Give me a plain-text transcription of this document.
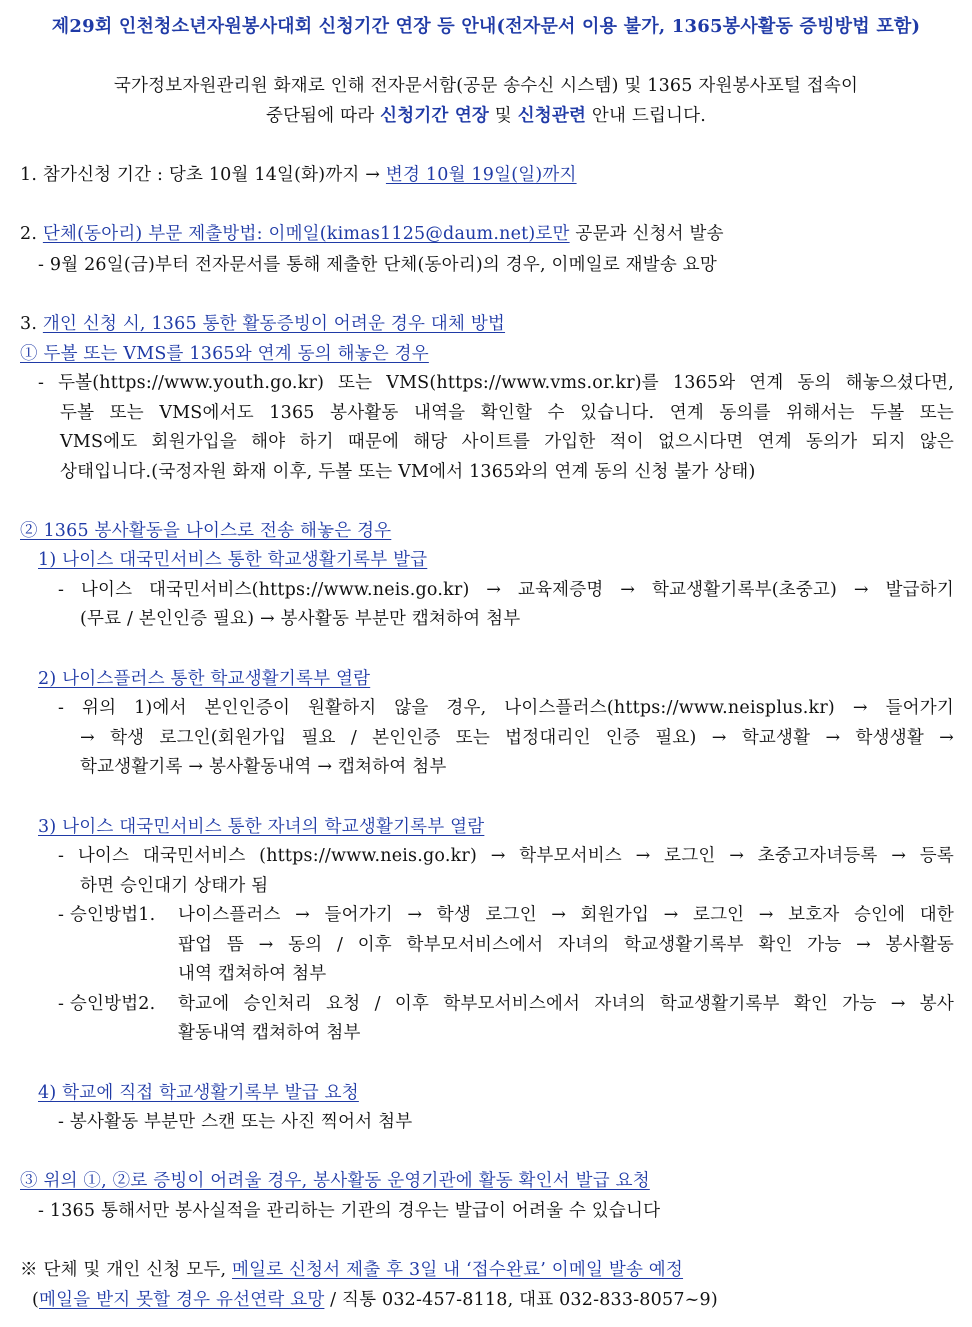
제29회 인천청소년자원봉사대회 신청기간 연장 등 안내(전자문서 이용 불가, 1365봉사활동 증빙방법 포함)
국가정보자원관리원 화재로 인해 전자문서함(공문 송수신 시스템) 및 1365 자원봉사포털 접속이
중단됨에 따라 신청기간 연장 및 신청관련 안내 드립니다.
1. 참가신청 기간 : 당초 10월 14일(화)까지 → 변경 10월 19일(일)까지
2. 단체(동아리) 부문 제출방법: 이메일(kimas1125@daum.net)로만 공문과 신청서 발송
- 9월 26일(금)부터 전자문서를 통해 제출한 단체(동아리)의 경우, 이메일로 재발송 요망
3. 개인 신청 시, 1365 통한 활동증빙이 어려운 경우 대체 방법
① 두볼 또는 VMS를 1365와 연계 동의 해놓은 경우
- 두볼(https://www.youth.go.kr) 또는 VMS(https://www.vms.or.kr)를 1365와 연계 동의 해놓으셨다면,
두볼 또는 VMS에서도 1365 봉사활동 내역을 확인할 수 있습니다. 연계 동의를 위해서는 두볼 또는
VMS에도 회원가입을 해야 하기 때문에 해당 사이트를 가입한 적이 없으시다면 연계 동의가 되지 않은
상태입니다.(국정자원 화재 이후, 두볼 또는 VM에서 1365와의 연계 동의 신청 불가 상태)
② 1365 봉사활동을 나이스로 전송 해놓은 경우
1) 나이스 대국민서비스 통한 학교생활기록부 발급
- 나이스 대국민서비스(https://www.neis.go.kr) → 교육제증명 → 학교생활기록부(초중고) → 발급하기
(무료 / 본인인증 필요) → 봉사활동 부분만 캡쳐하여 첨부
2) 나이스플러스 통한 학교생활기록부 열람
- 위의 1)에서 본인인증이 원활하지 않을 경우, 나이스플러스(https://www.neisplus.kr) → 들어가기
→ 학생 로그인(회원가입 필요 / 본인인증 또는 법정대리인 인증 필요) → 학교생활 → 학생생활 →
학교생활기록 → 봉사활동내역 → 캡쳐하여 첨부
3) 나이스 대국민서비스 통한 자녀의 학교생활기록부 열람
- 나이스 대국민서비스 (https://www.neis.go.kr) → 학부모서비스 → 로그인 → 초중고자녀등록 → 등록
하면 승인대기 상태가 됨
- 승인방법1. 나이스플러스 → 들어가기 → 학생 로그인 → 회원가입 → 로그인 → 보호자 승인에 대한
팝업 뜸 → 동의 / 이후 학부모서비스에서 자녀의 학교생활기록부 확인 가능 → 봉사활동
내역 캡쳐하여 첨부
- 승인방법2. 학교에 승인처리 요청 / 이후 학부모서비스에서 자녀의 학교생활기록부 확인 가능 → 봉사
활동내역 캡쳐하여 첨부
4) 학교에 직접 학교생활기록부 발급 요청
- 봉사활동 부분만 스캔 또는 사진 찍어서 첨부
③ 위의 ①, ②로 증빙이 어려울 경우, 봉사활동 운영기관에 활동 확인서 발급 요청
- 1365 통해서만 봉사실적을 관리하는 기관의 경우는 발급이 어려울 수 있습니다
※ 단체 및 개인 신청 모두, 메일로 신청서 제출 후 3일 내 ‘접수완료’ 이메일 발송 예정
(메일을 받지 못할 경우 유선연락 요망 / 직통 032-457-8118, 대표 032-833-8057~9)
